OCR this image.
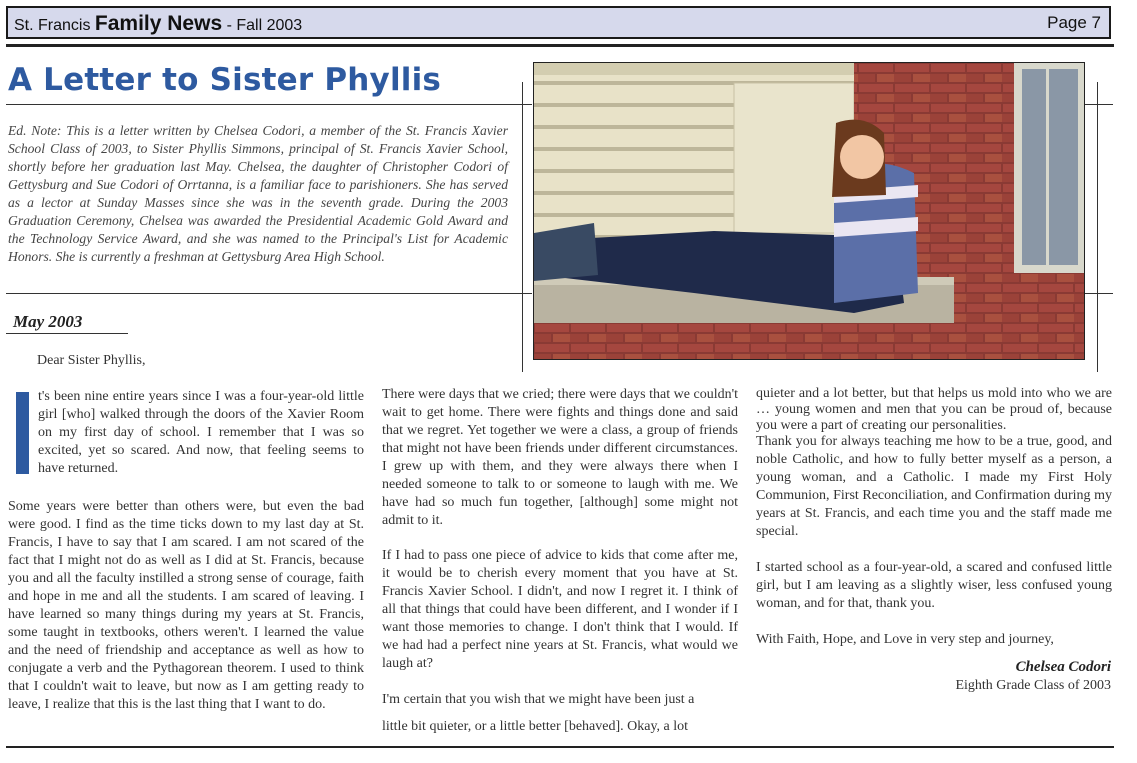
St. Francis Family News - Fall 2003	Page 7
A Letter to Sister Phyllis
Ed. Note: This is a letter written by Chelsea Codori, a member of the St. Francis Xavier School Class of 2003, to Sister Phyllis Simmons, principal of St. Francis Xavier School, shortly before her graduation last May. Chelsea, the daughter of Christopher Codori of Gettysburg and Sue Codori of Orrtanna, is a familiar face to parishioners. She has served as a lector at Sunday Masses since she was in the seventh grade. During the 2003 Graduation Ceremony, Chelsea was awarded the Presidential Academic Gold Award and the Technology Service Award, and she was named to the Principal's List for Academic Honors. She is currently a freshman at Gettysburg Area High School.
May 2003
Dear Sister Phyllis,
t's been nine entire years since I was a four-year-old little girl [who] walked through the doors of the Xavier Room on my first day of school. I remember that I was so excited, yet so scared. And now, that feeling seems to have returned.
Some years were better than others were, but even the bad were good. I find as the time ticks down to my last day at St. Francis, I have to say that I am scared. I am not scared of the fact that I might not do as well as I did at St. Francis, because you and all the faculty instilled a strong sense of courage, faith and hope in me and all the students. I am scared of leaving. I have learned so many things during my years at St. Francis, some taught in textbooks, others weren't. I learned the value and the need of friendship and acceptance as well as how to conjugate a verb and the Pythagorean theorem. I used to think that I couldn't wait to leave, but now as I am getting ready to leave, I realize that this is the last thing that I want to do.
There were days that we cried; there were days that we couldn't wait to get home. There were fights and things done and said that we regret. Yet together we were a class, a group of friends that might not have been friends under different circumstances. I grew up with them, and they were always there when I needed someone to talk to or someone to laugh with me. We have had so much fun together, [although] some might not admit to it.
If I had to pass one piece of advice to kids that come after me, it would be to cherish every moment that you have at St. Francis Xavier School. I didn't, and now I regret it. I think of all that things that could have been different, and I wonder if I want those memories to change. I don't think that I would. If we had had a perfect nine years at St. Francis, what would we laugh at?
I'm certain that you wish that we might have been just a
little bit quieter, or a little better [behaved]. Okay, a lot
quieter and a lot better, but that helps us mold into who we are … young women and men that you can be proud of, because you were a part of creating our personalities.
Thank you for always teaching me how to be a true, good, and noble Catholic, and how to fully better myself as a person, a young woman, and a Catholic. I made my First Holy Communion, First Reconciliation, and Confirmation during my years at St. Francis, and each time you and the staff made me special.
I started school as a four-year-old, a scared and confused little girl, but I am leaving as a slightly wiser, less confused young woman, and for that, thank you.
With Faith, Hope, and Love in very step and journey,
Chelsea Codori
Eighth Grade Class of 2003
